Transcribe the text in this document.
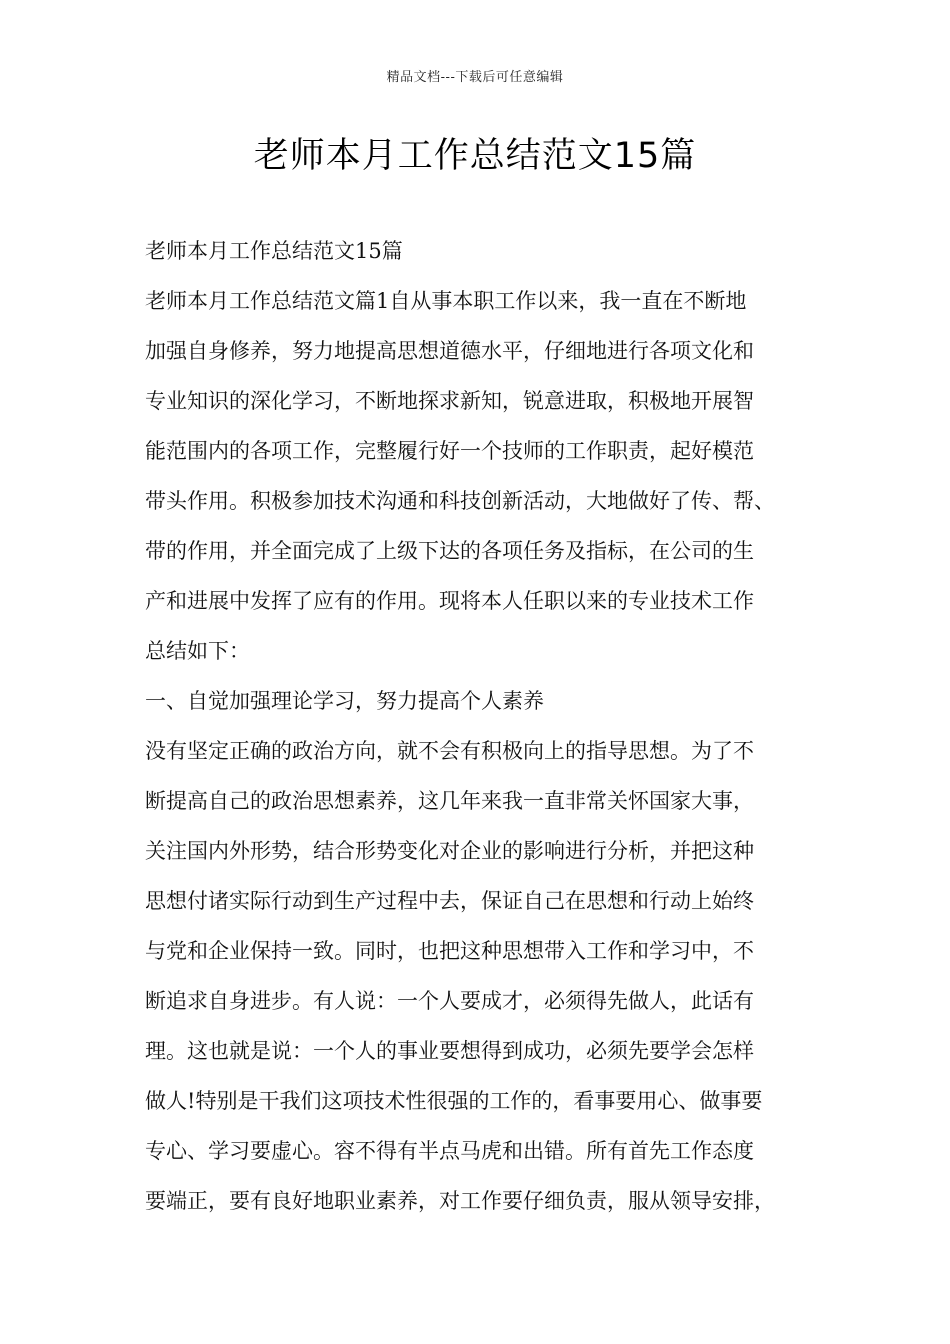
精品文档---下载后可任意编辑
老师本月工作总结范文15篇
老师本月工作总结范文15篇
老师本月工作总结范文篇1自从事本职工作以来，我一直在不断地
加强自身修养，努力地提高思想道德水平，仔细地进行各项文化和
专业知识的深化学习，不断地探求新知，锐意进取，积极地开展智
能范围内的各项工作，完整履行好一个技师的工作职责，起好模范
带头作用。积极参加技术沟通和科技创新活动，大地做好了传、帮、
带的作用，并全面完成了上级下达的各项任务及指标，在公司的生
产和进展中发挥了应有的作用。现将本人任职以来的专业技术工作
总结如下：
一、自觉加强理论学习，努力提高个人素养
没有坚定正确的政治方向，就不会有积极向上的指导思想。为了不
断提高自己的政治思想素养，这几年来我一直非常关怀国家大事，
关注国内外形势，结合形势变化对企业的影响进行分析，并把这种
思想付诸实际行动到生产过程中去，保证自己在思想和行动上始终
与党和企业保持一致。同时，也把这种思想带入工作和学习中，不
断追求自身进步。有人说：一个人要成才，必须得先做人，此话有
理。这也就是说：一个人的事业要想得到成功，必须先要学会怎样
做人!特别是干我们这项技术性很强的工作的，看事要用心、做事要
专心、学习要虚心。容不得有半点马虎和出错。所有首先工作态度
要端正，要有良好地职业素养，对工作要仔细负责，服从领导安排，
